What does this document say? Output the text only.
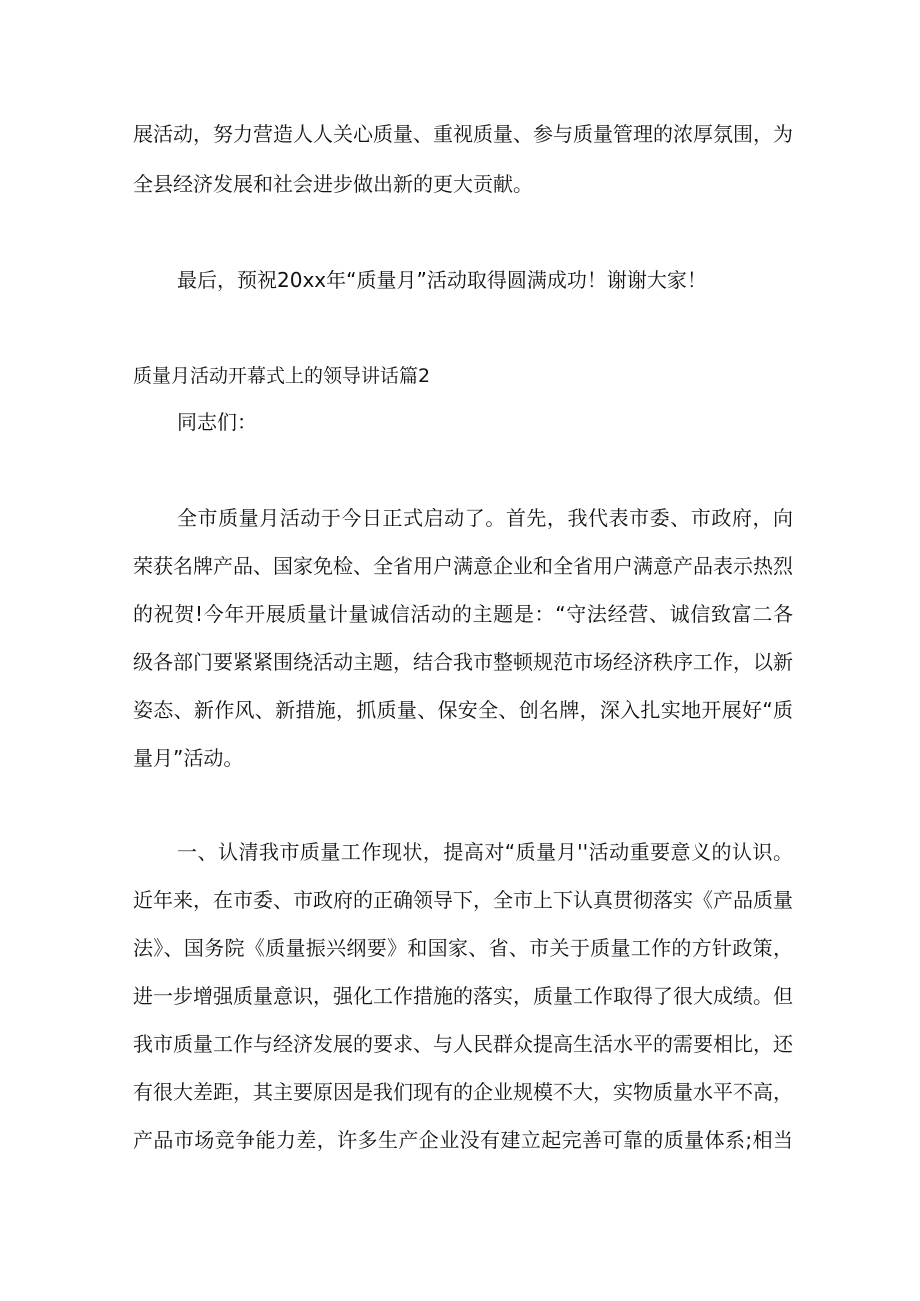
展活动，努力营造人人关心质量、重视质量、参与质量管理的浓厚氛围，为
全县经济发展和社会进步做出新的更大贡献。
最后，预祝20xx年“质量月”活动取得圆满成功！谢谢大家！
质量月活动开幕式上的领导讲话篇2
同志们：
全市质量月活动于今日正式启动了。首先，我代表市委、市政府，向
荣获名牌产品、国家免检、全省用户满意企业和全省用户满意产品表示热烈
的祝贺!今年开展质量计量诚信活动的主题是：“守法经营、诚信致富二各
级各部门要紧紧围绕活动主题，结合我市整顿规范市场经济秩序工作，以新
姿态、新作风、新措施，抓质量、保安全、创名牌，深入扎实地开展好“质
量月”活动。
一、认清我市质量工作现状，提高对“质量月''活动重要意义的认识。
近年来，在市委、市政府的正确领导下，全市上下认真贯彻落实《产品质量
法》、国务院《质量振兴纲要》和国家、省、市关于质量工作的方针政策，
进一步增强质量意识，强化工作措施的落实，质量工作取得了很大成绩。但
我市质量工作与经济发展的要求、与人民群众提高生活水平的需要相比，还
有很大差距，其主要原因是我们现有的企业规模不大，实物质量水平不高，
产品市场竞争能力差，许多生产企业没有建立起完善可靠的质量体系;相当
